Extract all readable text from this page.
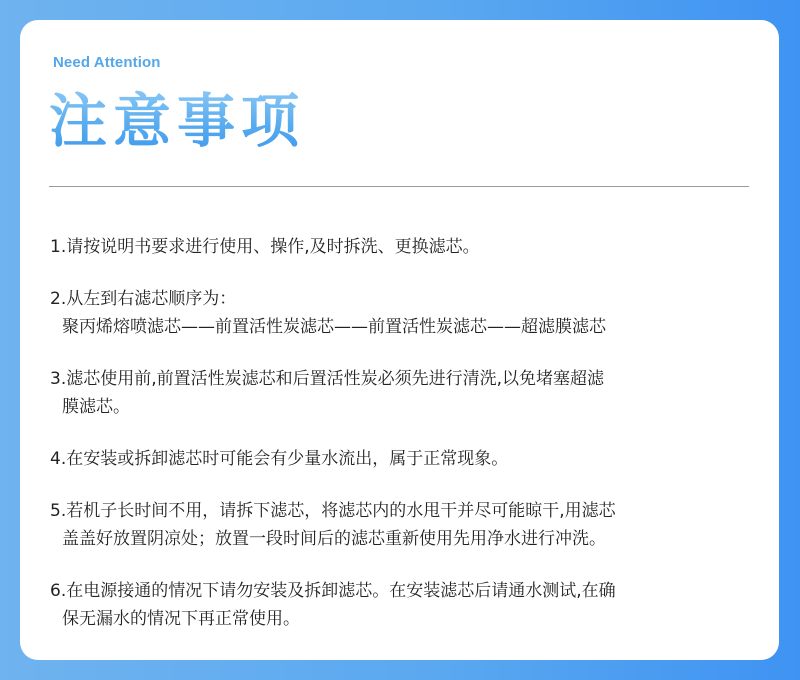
Need Attention
注意事项
1.请按说明书要求进行使用、操作,及时拆洗、更换滤芯。
2.从左到右滤芯顺序为：
聚丙烯熔喷滤芯——前置活性炭滤芯——前置活性炭滤芯——超滤膜滤芯
3.滤芯使用前,前置活性炭滤芯和后置活性炭必须先进行清洗,以免堵塞超滤
膜滤芯。
4.在安装或拆卸滤芯时可能会有少量水流出，属于正常现象。
5.若机子长时间不用，请拆下滤芯，将滤芯内的水甩干并尽可能晾干,用滤芯
盖盖好放置阴凉处；放置一段时间后的滤芯重新使用先用净水进行冲洗。
6.在电源接通的情况下请勿安装及拆卸滤芯。在安装滤芯后请通水测试,在确
保无漏水的情况下再正常使用。
